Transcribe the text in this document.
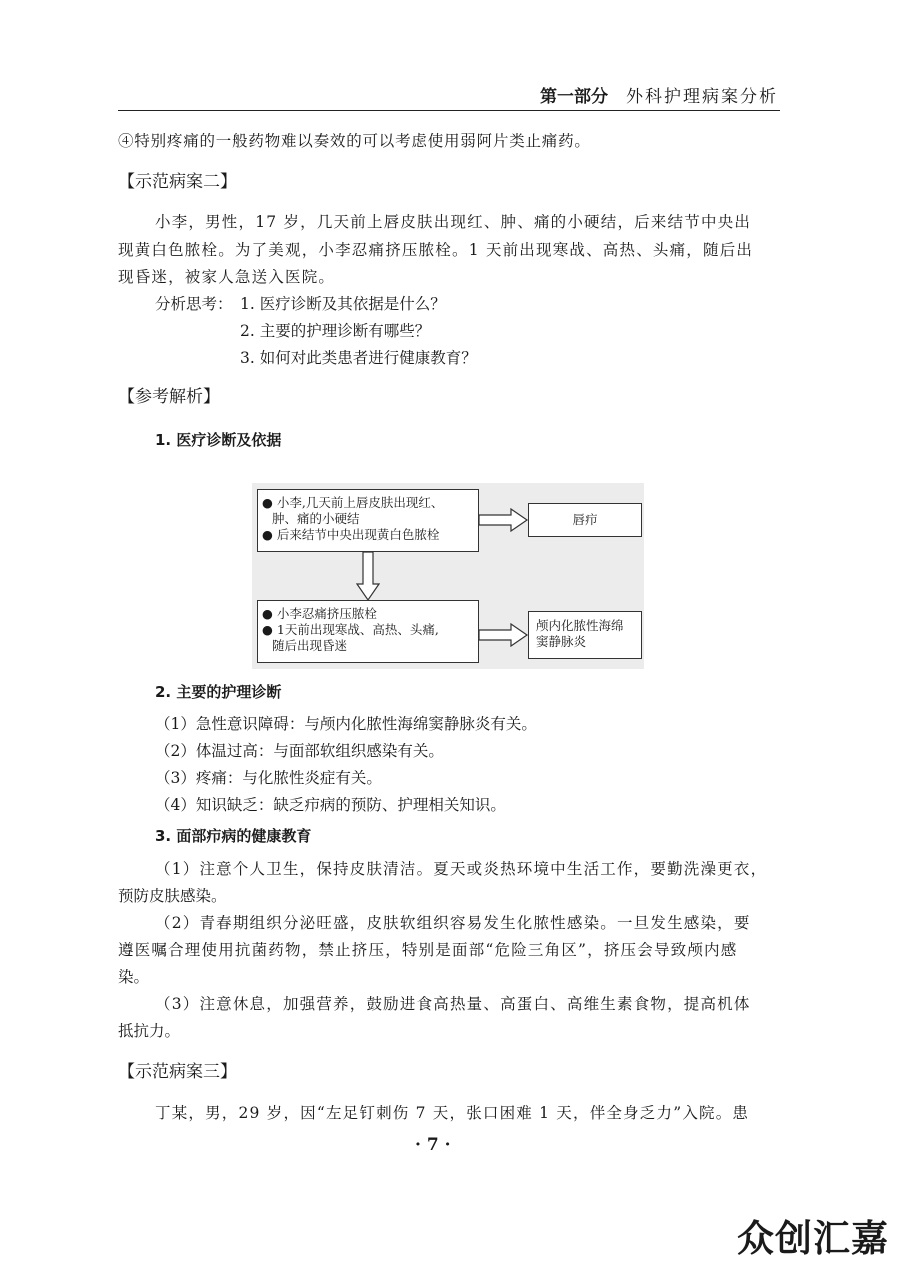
第一部分 外科护理病案分析
④特别疼痛的一般药物难以奏效的可以考虑使用弱阿片类止痛药。
【示范病案二】
小李，男性，17 岁，几天前上唇皮肤出现红、肿、痛的小硬结，后来结节中央出
现黄白色脓栓。为了美观，小李忍痛挤压脓栓。1 天前出现寒战、高热、头痛，随后出
现昏迷，被家人急送入医院。
分析思考： 1. 医疗诊断及其依据是什么？
2. 主要的护理诊断有哪些？
3. 如何对此类患者进行健康教育？
【参考解析】
1. 医疗诊断及依据
● 小李,几天前上唇皮肤出现红、
肿、痛的小硬结
● 后来结节中央出现黄白色脓栓
唇疖
● 小李忍痛挤压脓栓
● 1天前出现寒战、高热、头痛,
随后出现昏迷
颅内化脓性海绵
窦静脉炎
2. 主要的护理诊断
（1）急性意识障碍：与颅内化脓性海绵窦静脉炎有关。
（2）体温过高：与面部软组织感染有关。
（3）疼痛：与化脓性炎症有关。
（4）知识缺乏：缺乏疖病的预防、护理相关知识。
3. 面部疖病的健康教育
（1）注意个人卫生，保持皮肤清洁。夏天或炎热环境中生活工作，要勤洗澡更衣，
预防皮肤感染。
（2）青春期组织分泌旺盛，皮肤软组织容易发生化脓性感染。一旦发生感染，要
遵医嘱合理使用抗菌药物，禁止挤压，特别是面部“危险三角区”，挤压会导致颅内感
染。
（3）注意休息，加强营养，鼓励进食高热量、高蛋白、高维生素食物，提高机体
抵抗力。
【示范病案三】
丁某，男，29 岁，因“左足钉刺伤 7 天，张口困难 1 天，伴全身乏力”入院。患
· 7 ·
众创汇嘉
